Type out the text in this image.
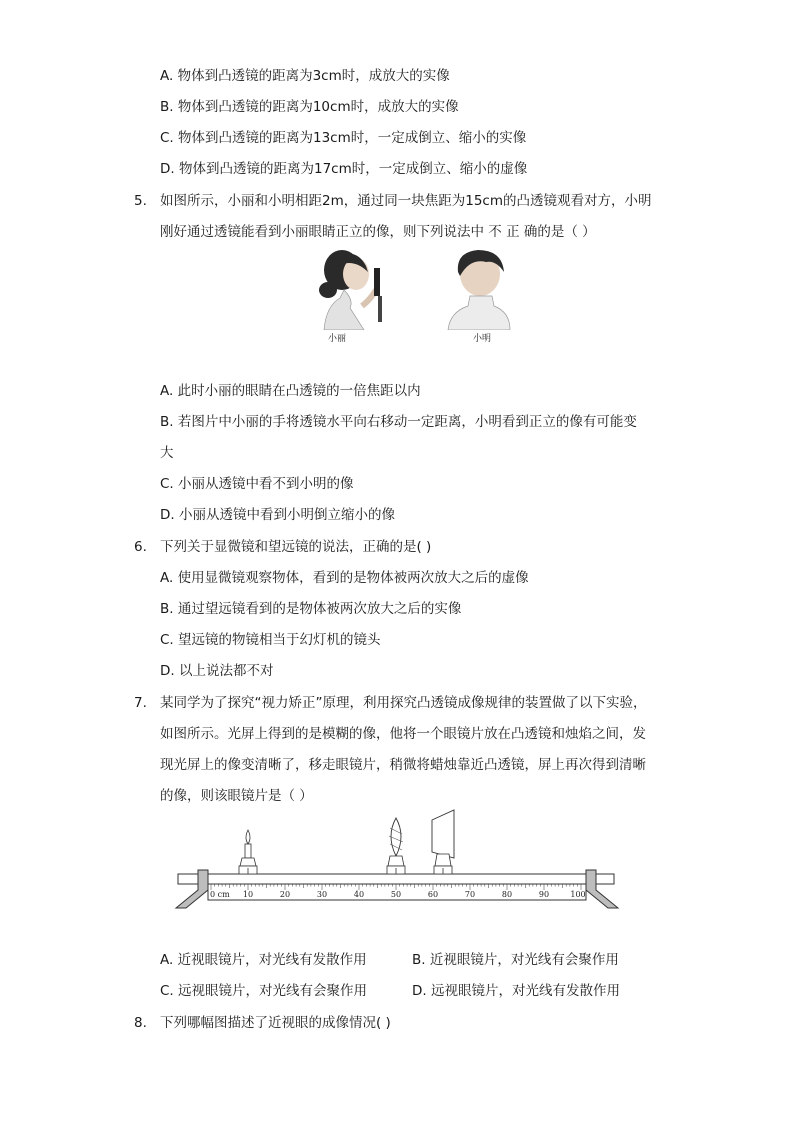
A. 物体到凸透镜的距离为3cm时，成放大的实像
B. 物体到凸透镜的距离为10cm时，成放大的实像
C. 物体到凸透镜的距离为13cm时，一定成倒立、缩小的实像
D. 物体到凸透镜的距离为17cm时，一定成倒立、缩小的虚像
5. 如图所示，小丽和小明相距2m，通过同一块焦距为15cm的凸透镜观看对方，小明
刚好通过透镜能看到小丽眼睛正立的像，则下列说法中 不 正 确的是（ ）
小丽	小明
A. 此时小丽的眼睛在凸透镜的一倍焦距以内
B. 若图片中小丽的手将透镜水平向右移动一定距离，小明看到正立的像有可能变
大
C. 小丽从透镜中看不到小明的像
D. 小丽从透镜中看到小明倒立缩小的像
6. 下列关于显微镜和望远镜的说法，正确的是( )
A. 使用显微镜观察物体，看到的是物体被两次放大之后的虚像
B. 通过望远镜看到的是物体被两次放大之后的实像
C. 望远镜的物镜相当于幻灯机的镜头
D. 以上说法都不对
7. 某同学为了探究“视力矫正”原理，利用探究凸透镜成像规律的装置做了以下实验，
如图所示。光屏上得到的是模糊的像，他将一个眼镜片放在凸透镜和烛焰之间，发
现光屏上的像变清晰了，移走眼镜片，稍微将蜡烛靠近凸透镜，屏上再次得到清晰
的像，则该眼镜片是（ ）
0 cm 10	20	30	40	50	60	70	80	90	100
A. 近视眼镜片，对光线有发散作用	B. 近视眼镜片，对光线有会聚作用
C. 远视眼镜片，对光线有会聚作用	D. 远视眼镜片，对光线有发散作用
8. 下列哪幅图描述了近视眼的成像情况( )
